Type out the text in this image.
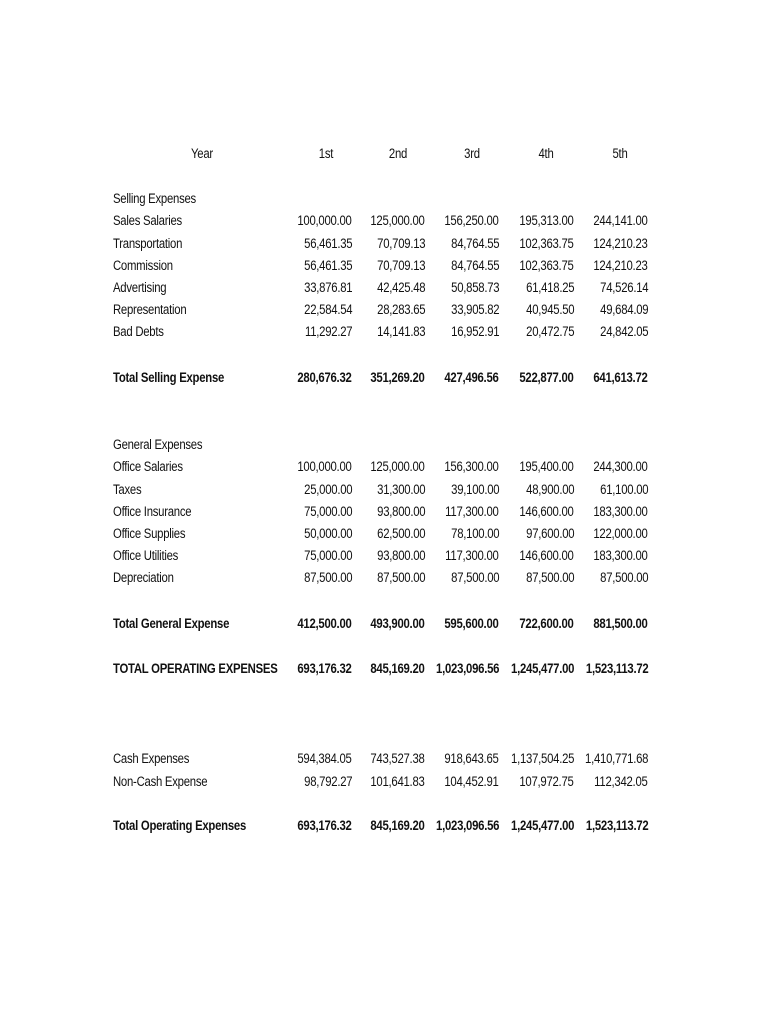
Year	1st	2nd	3rd	4th	5th
Selling Expenses
Sales Salaries	100,000.00 125,000.00 156,250.00 195,313.00 244,141.00
Transportation	56,461.35 70,709.13 84,764.55 102,363.75 124,210.23
Commission	56,461.35 70,709.13 84,764.55 102,363.75 124,210.23
Advertising	33,876.81 42,425.48 50,858.73 61,418.25 74,526.14
Representation	22,584.54 28,283.65 33,905.82 40,945.50 49,684.09
Bad Debts	11,292.27 14,141.83 16,952.91 20,472.75 24,842.05
Total Selling Expense	280,676.32 351,269.20 427,496.56 522,877.00 641,613.72
General Expenses
Office Salaries	100,000.00 125,000.00 156,300.00 195,400.00 244,300.00
Taxes	25,000.00 31,300.00 39,100.00 48,900.00 61,100.00
Office Insurance	75,000.00 93,800.00 117,300.00 146,600.00 183,300.00
Office Supplies	50,000.00 62,500.00 78,100.00 97,600.00 122,000.00
Office Utilities	75,000.00 93,800.00 117,300.00 146,600.00 183,300.00
Depreciation	87,500.00 87,500.00 87,500.00 87,500.00 87,500.00
Total General Expense	412,500.00 493,900.00 595,600.00 722,600.00 881,500.00
TOTAL OPERATING EXPENSES 693,176.32 845,169.20 1,023,096.56 1,245,477.00 1,523,113.72
Cash Expenses	594,384.05 743,527.38 918,643.65 1,137,504.25 1,410,771.68
Non-Cash Expense	98,792.27 101,641.83 104,452.91 107,972.75 112,342.05
Total Operating Expenses	693,176.32 845,169.20 1,023,096.56 1,245,477.00 1,523,113.72
